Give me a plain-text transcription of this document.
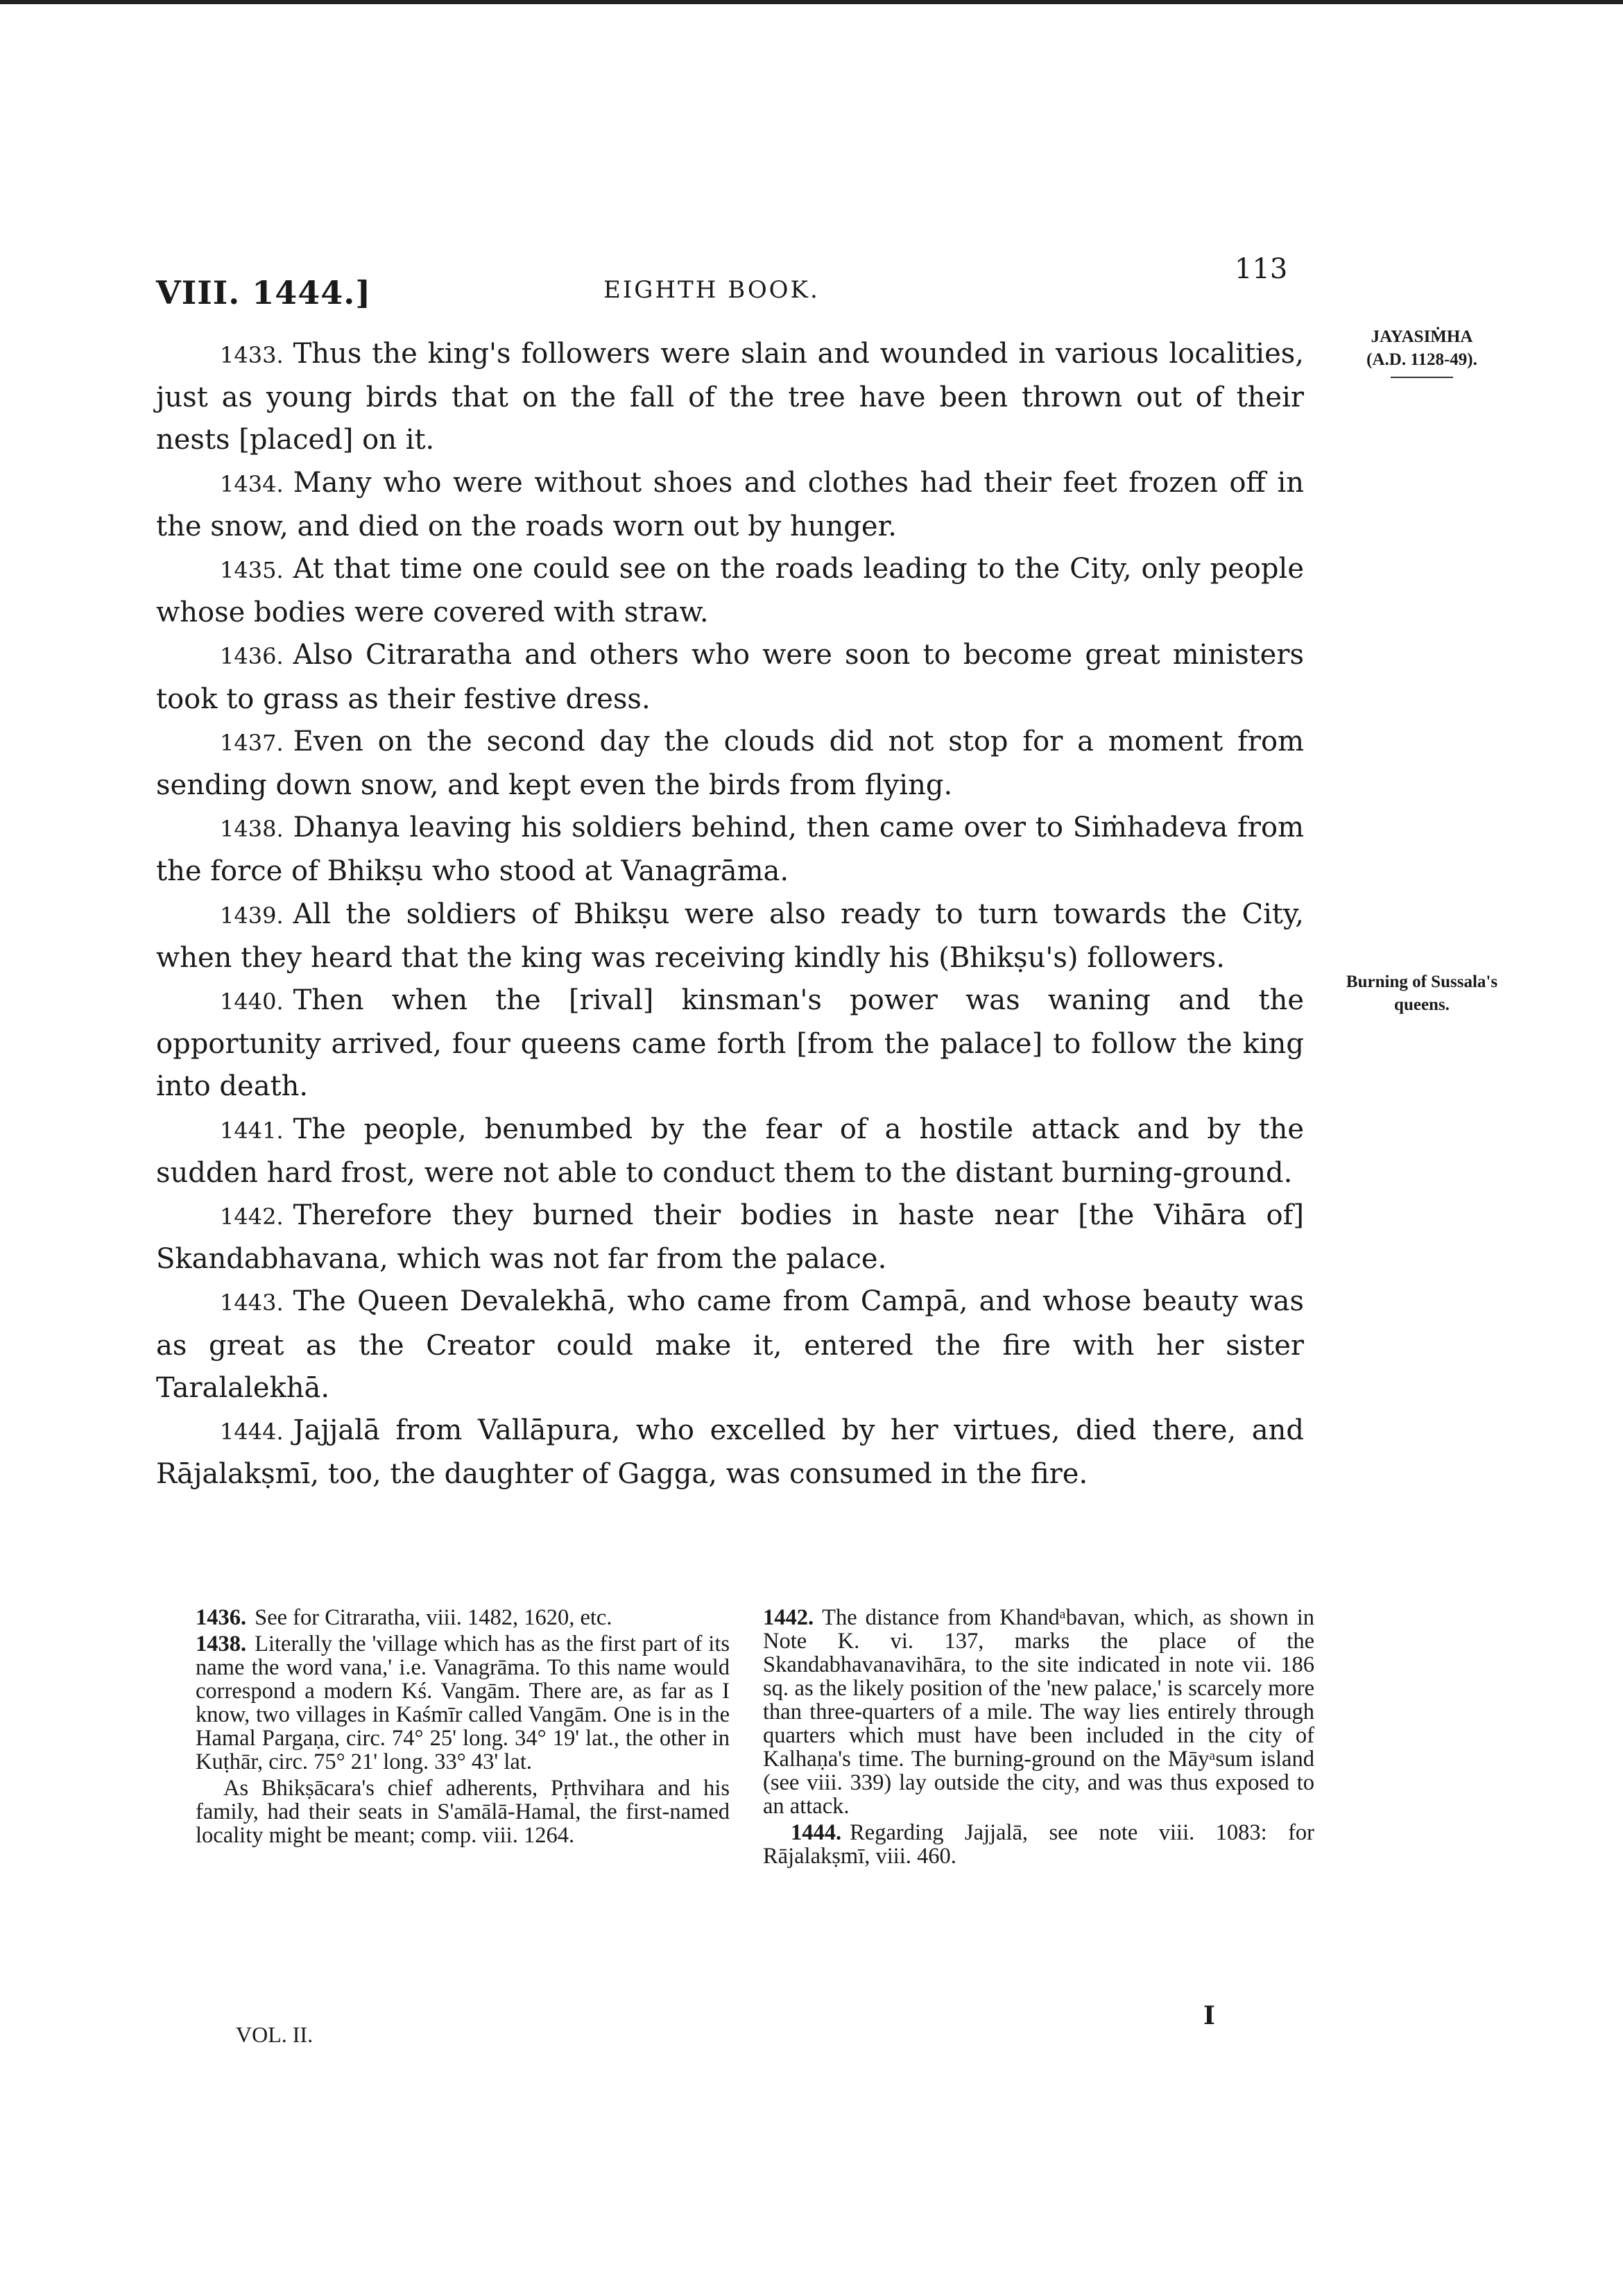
VIII. 1444.]	EIGHTH BOOK.
113
JAYASIṀHA
(A.D. 1128-49).
Burning of Sussala's
queens.

1433. Thus the king's followers were slain and wounded in various localities, just as young birds that on the fall of the tree have been thrown out of their nests [placed] on it.

1434. Many who were without shoes and clothes had their feet frozen off in the snow, and died on the roads worn out by hunger.

1435. At that time one could see on the roads leading to the City, only people whose bodies were covered with straw.

1436. Also Citraratha and others who were soon to become great ministers took to grass as their festive dress.

1437. Even on the second day the clouds did not stop for a moment from sending down snow, and kept even the birds from flying.

1438. Dhanya leaving his soldiers behind, then came over to Siṁhadeva from the force of Bhikṣu who stood at Vanagrāma.

1439. All the soldiers of Bhikṣu were also ready to turn towards the City, when they heard that the king was receiving kindly his (Bhikṣu's) followers.

1440. Then when the [rival] kinsman's power was waning and the opportunity arrived, four queens came forth [from the palace] to follow the king into death.

1441. The people, benumbed by the fear of a hostile attack and by the sudden hard frost, were not able to conduct them to the distant burning-ground.

1442. Therefore they burned their bodies in haste near [the Vihāra of] Skandabhavana, which was not far from the palace.

1443. The Queen Devalekhā, who came from Campā, and whose beauty was as great as the Creator could make it, entered the fire with her sister Taralalekhā.

1444. Jajjalā from Vallāpura, who excelled by her virtues, died there, and Rājalakṣmī, too, the daughter of Gagga, was consumed in the fire.

1436. See for Citraratha, viii. 1482, 1620, etc.

1438. Literally the 'village which has as the first part of its name the word vana,' i.e. Vanagrāma. To this name would correspond a modern Kś. Vangām. There are, as far as I know, two villages in Kaśmīr called Vangām. One is in the Hamal Pargaṇa, circ. 74° 25' long. 34° 19' lat., the other in Kuṭhār, circ. 75° 21' long. 33° 43' lat.

As Bhikṣācara's chief adherents, Pṛthvihara and his family, had their seats in S'amālā-Hamal, the first-named locality might be meant; comp. viii. 1264.

1442. The distance from Khandᵃbavan, which, as shown in Note K. vi. 137, marks the place of the Skandabhavanavihāra, to the site indicated in note vii. 186 sq. as the likely position of the 'new palace,' is scarcely more than three-quarters of a mile. The way lies entirely through quarters which must have been included in the city of Kalhaṇa's time. The burning-ground on the Māyᵃsum island (see viii. 339) lay outside the city, and was thus exposed to an attack.

1444. Regarding Jajjalā, see note viii. 1083: for Rājalakṣmī, viii. 460.

VOL. II.
I
